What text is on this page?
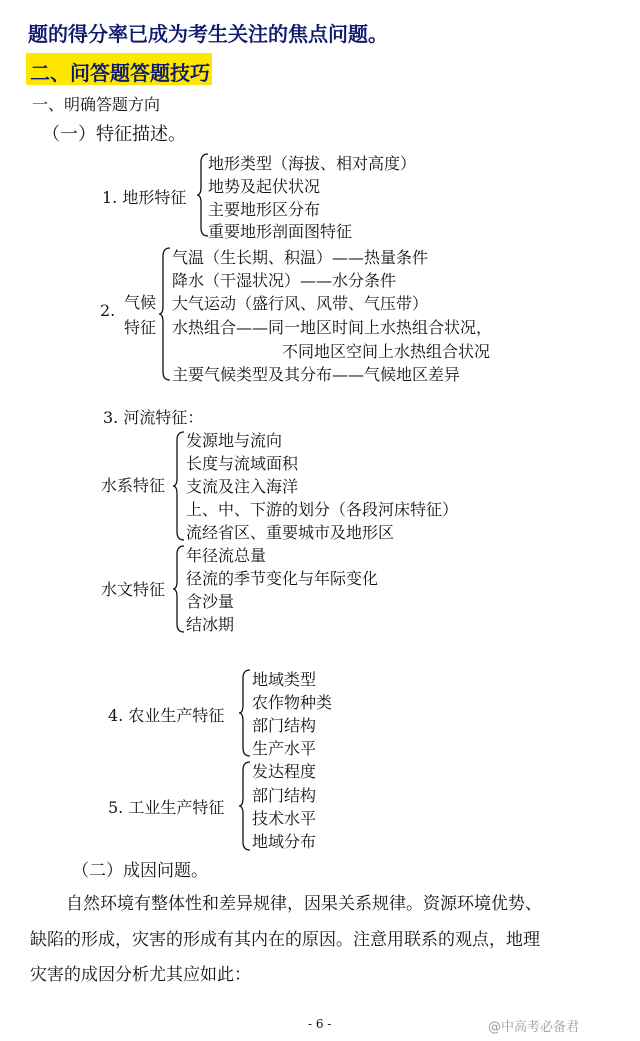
题的得分率已成为考生关注的焦点问题。
二、问答题答题技巧
一、明确答题方向
（一）特征描述。
1. 地形特征
地形类型（海拔、相对高度）
地势及起伏状况
主要地形区分布
重要地形剖面图特征
2. 气候
特征
气温（生长期、积温）——热量条件
降水（干湿状况）——水分条件
大气运动（盛行风、风带、气压带）
水热组合——同一地区时间上水热组合状况，
不同地区空间上水热组合状况
主要气候类型及其分布——气候地区差异
3. 河流特征：
水系特征
发源地与流向
长度与流域面积
支流及注入海洋
上、中、下游的划分（各段河床特征）
流经省区、重要城市及地形区
水文特征
年径流总量
径流的季节变化与年际变化
含沙量
结冰期
4. 农业生产特征
地域类型
农作物种类
部门结构
生产水平
5. 工业生产特征
发达程度
部门结构
技术水平
地域分布
（二）成因问题。
自然环境有整体性和差异规律，因果关系规律。资源环境优势、
缺陷的形成，灾害的形成有其内在的原因。注意用联系的观点，地理
灾害的成因分析尤其应如此：
- 6 -	@中高考必备君
